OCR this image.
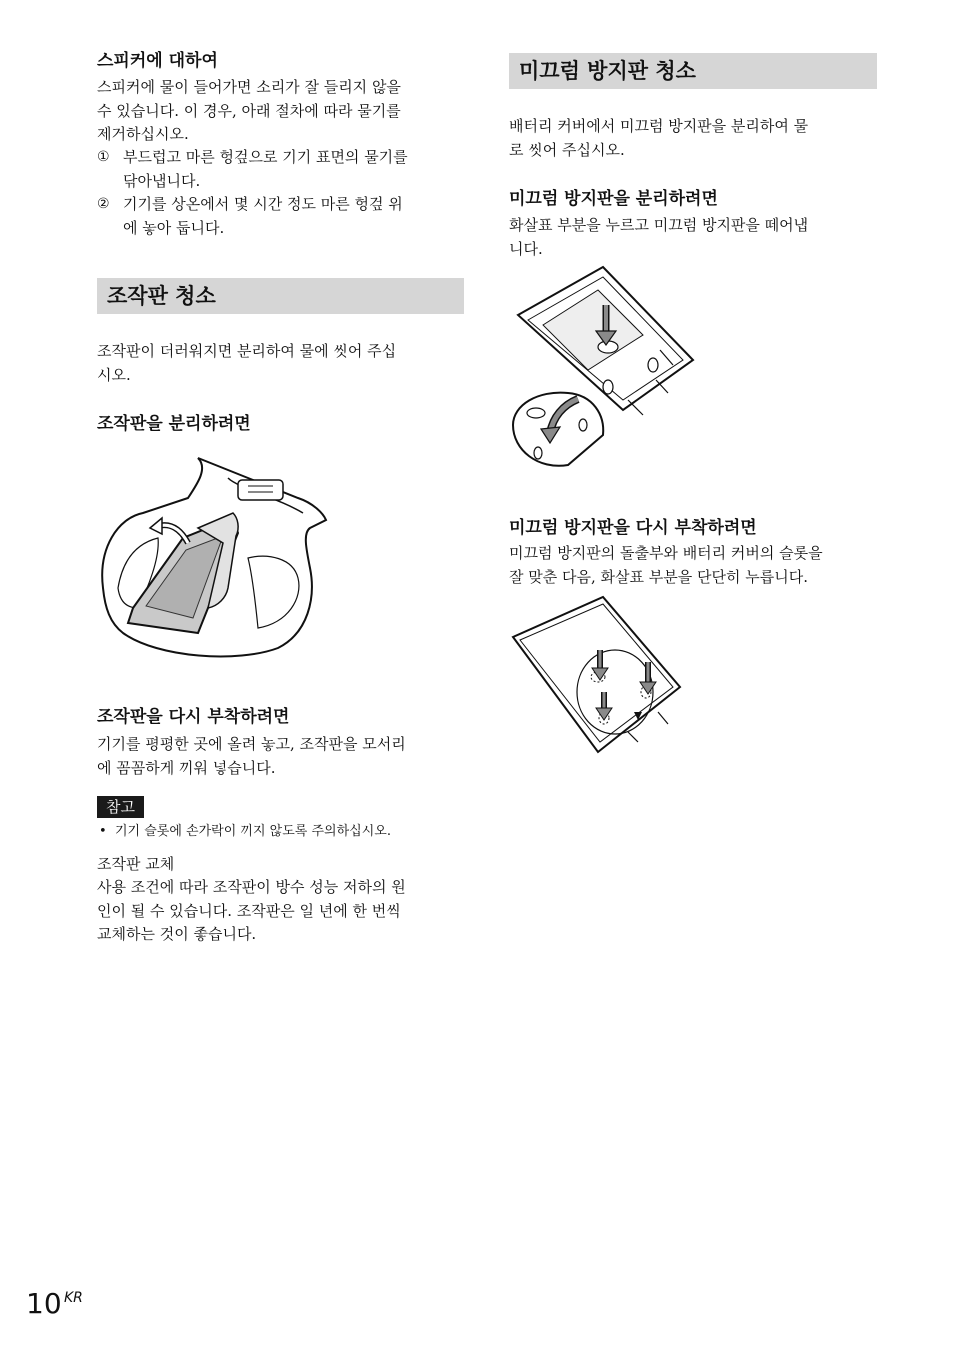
스피커에 대하여
스피커에 물이 들어가면 소리가 잘 들리지 않을
수 있습니다. 이 경우, 아래 절차에 따라 물기를
제거하십시오.
① 부드럽고 마른 헝겊으로 기기 표면의 물기를
닦아냅니다.
② 기기를 상온에서 몇 시간 정도 마른 헝겊 위
에 놓아 둡니다.
조작판 청소
조작판이 더러워지면 분리하여 물에 씻어 주십
시오.
조작판을 분리하려면
조작판을 다시 부착하려면
기기를 평평한 곳에 올려 놓고, 조작판을 모서리
에 꼼꼼하게 끼워 넣습니다.
참고
• 기기 슬롯에 손가락이 끼지 않도록 주의하십시오.
조작판 교체
사용 조건에 따라 조작판이 방수 성능 저하의 원
인이 될 수 있습니다. 조작판은 일 년에 한 번씩
교체하는 것이 좋습니다.
미끄럼 방지판 청소
배터리 커버에서 미끄럼 방지판을 분리하여 물
로 씻어 주십시오.
미끄럼 방지판을 분리하려면
화살표 부분을 누르고 미끄럼 방지판을 떼어냅
니다.
미끄럼 방지판을 다시 부착하려면
미끄럼 방지판의 돌출부와 배터리 커버의 슬롯을
잘 맞춘 다음, 화살표 부분을 단단히 누릅니다.
10 KR
